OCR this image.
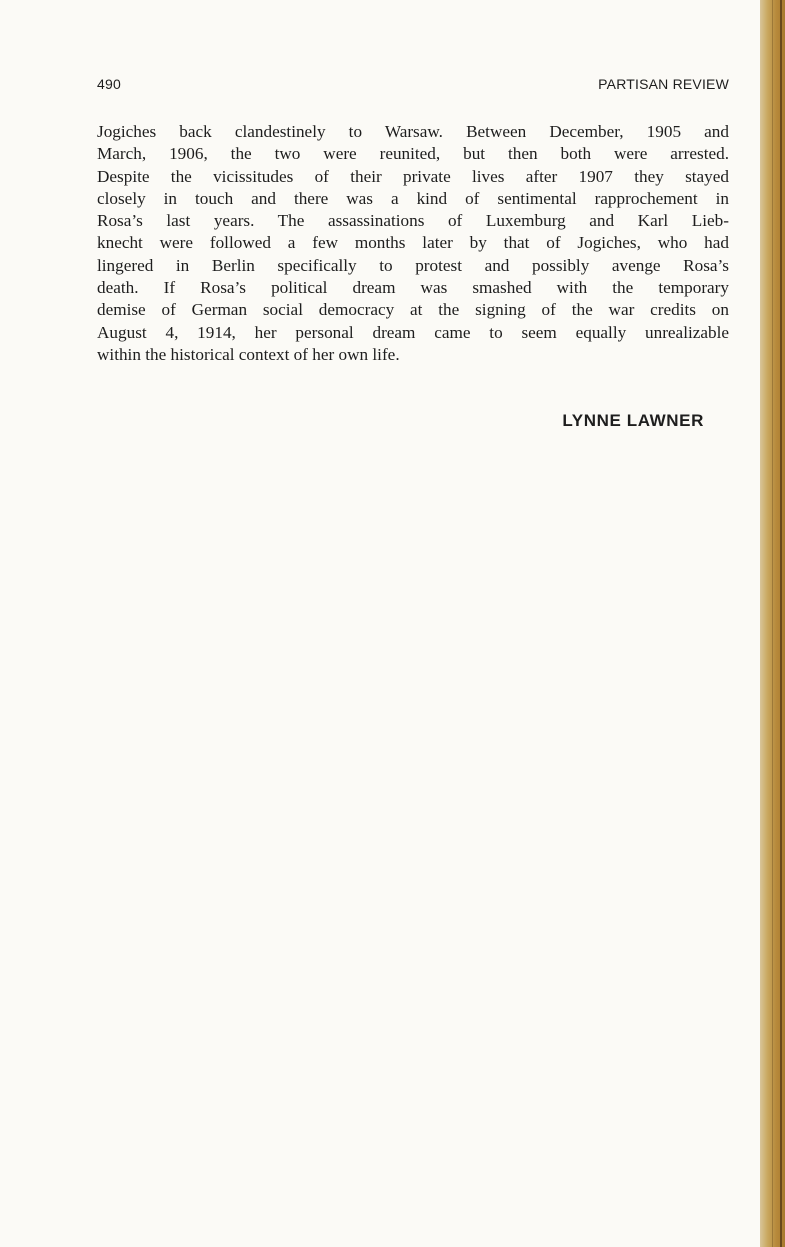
490	PARTISAN REVIEW
Jogiches back clandestinely to Warsaw. Between December, 1905 and
March, 1906, the two were reunited, but then both were arrested.
Despite the vicissitudes of their private lives after 1907 they stayed
closely in touch and there was a kind of sentimental rapprochement in
Rosa’s last years. The assassinations of Luxemburg and Karl Lieb-
knecht were followed a few months later by that of Jogiches, who had
lingered in Berlin specifically to protest and possibly avenge Rosa’s
death. If Rosa’s political dream was smashed with the temporary
demise of German social democracy at the signing of the war credits on
August 4, 1914, her personal dream came to seem equally unrealizable
within the historical context of her own life.
LYNNE LAWNER
